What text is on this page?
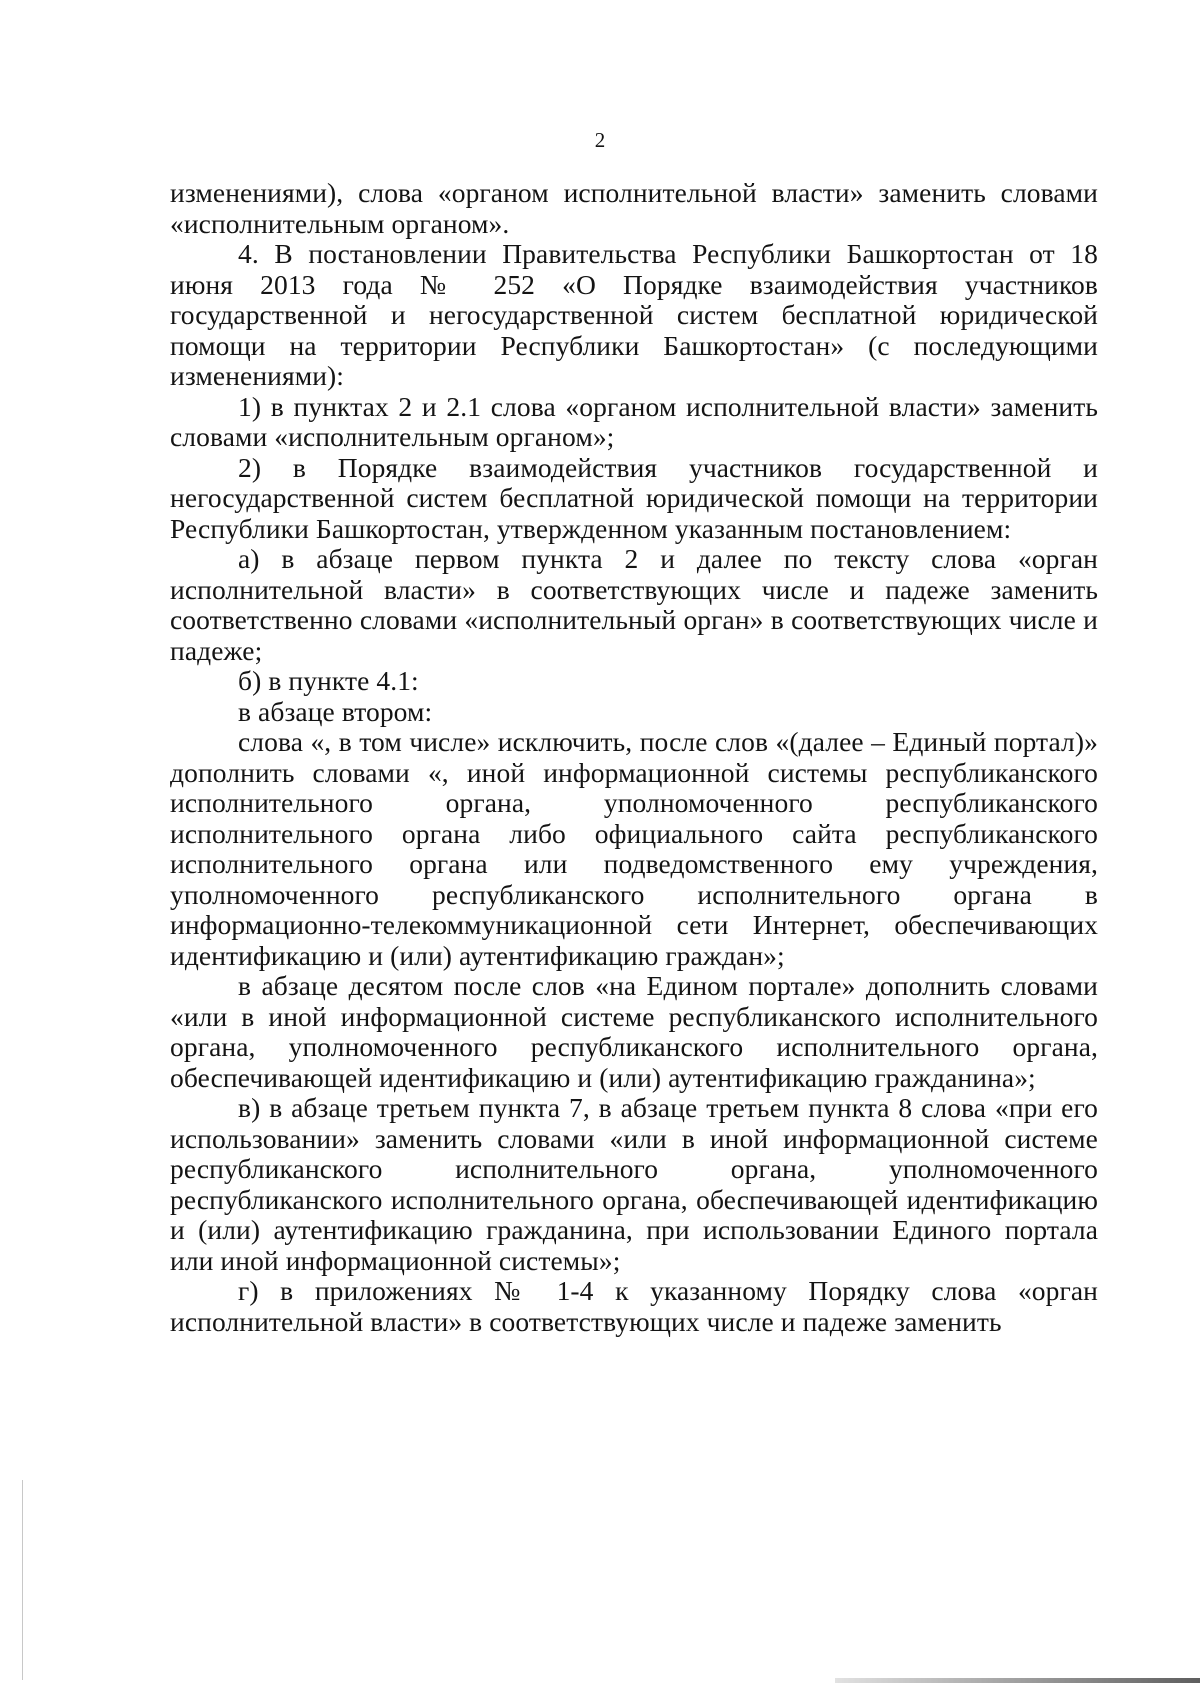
2

изменениями), слова «органом исполнительной власти» заменить словами «исполнительным органом».

4. В постановлении Правительства Республики Башкортостан от 18 июня 2013 года № 252 «О Порядке взаимодействия участников государственной и негосударственной систем бесплатной юридической помощи на территории Республики Башкортостан» (с последующими изменениями):

1) в пунктах 2 и 2.1 слова «органом исполнительной власти» заменить словами «исполнительным органом»;

2) в Порядке взаимодействия участников государственной и негосударственной систем бесплатной юридической помощи на территории Республики Башкортостан, утвержденном указанным постановлением:

а) в абзаце первом пункта 2 и далее по тексту слова «орган исполнительной власти» в соответствующих числе и падеже заменить соответственно словами «исполнительный орган» в соответствующих числе и падеже;

б) в пункте 4.1:

в абзаце втором:

слова «, в том числе» исключить, после слов «(далее – Единый портал)» дополнить словами «, иной информационной системы республиканского исполнительного органа, уполномоченного республиканского исполнительного органа либо официального сайта республиканского исполнительного органа или подведомственного ему учреждения, уполномоченного республиканского исполнительного органа в информационно-телекоммуникационной сети Интернет, обеспечивающих идентификацию и (или) аутентификацию граждан»;

в абзаце десятом после слов «на Едином портале» дополнить словами «или в иной информационной системе республиканского исполнительного органа, уполномоченного республиканского исполнительного органа, обеспечивающей идентификацию и (или) аутентификацию гражданина»;

в) в абзаце третьем пункта 7, в абзаце третьем пункта 8 слова «при его использовании» заменить словами «или в иной информационной системе республиканского исполнительного органа, уполномоченного республиканского исполнительного органа, обеспечивающей идентификацию и (или) аутентификацию гражданина, при использовании Единого портала или иной информационной системы»;

г) в приложениях № 1-4 к указанному Порядку слова «орган исполнительной власти» в соответствующих числе и падеже заменить
